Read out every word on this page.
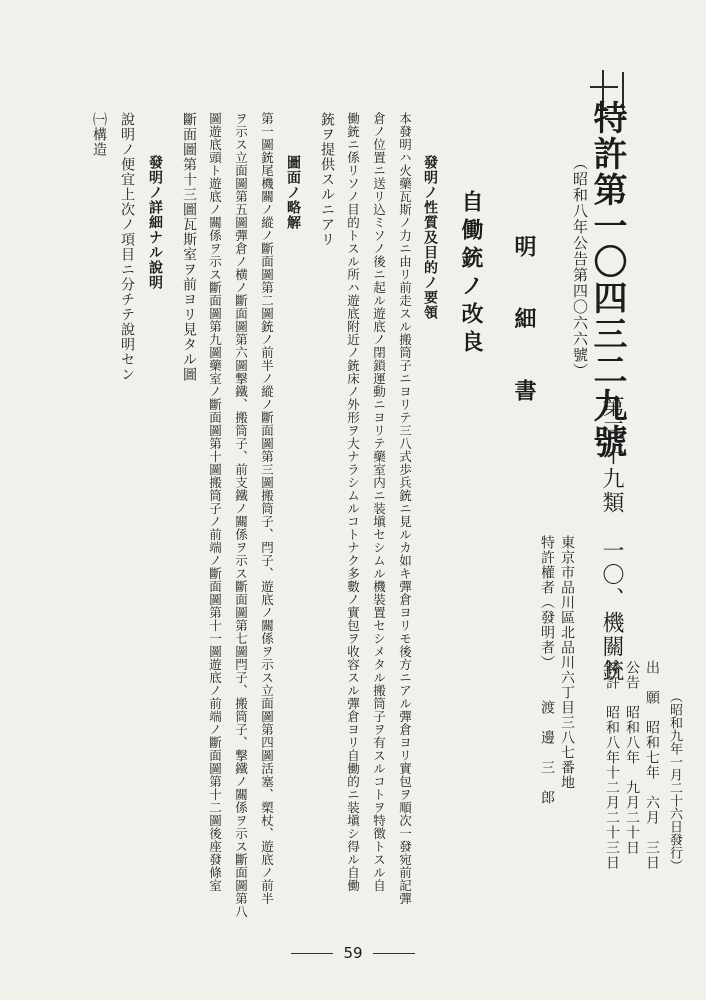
（昭和九年一月二十六日發行）
出　願　昭和七年　六月　三日
公告　昭和八年　九月二十日
特許　昭和八年十二月二十三日
東京市品川區北品川六丁目三八七番地
特許權者（發明者）
渡　邊　三　郎
第三十九類　一〇、機關銃
特許第一〇四三二九號
（昭和八年公告第四〇六六號）
明　細　書
自働銃ノ改良
發明ノ性質及目的ノ要領
本發明ハ火藥瓦斯ノ力ニ由リ前走スル搬筒子ニヨリテ三八式歩兵銃ニ見ルカ如キ彈倉ヨリモ後方ニアル彈倉ヨリ實包ヲ順次一發宛前記彈
倉ノ位置ニ送リ込ミソノ後ニ起ル遊底ノ閉鎖運動ニヨリテ藥室内ニ装塡セシムル機裝置セシメタル搬筒子ヲ有スルコトヲ特徴トスル自
働銃ニ係リソノ目的トスル所ハ遊底附近ノ銃床ノ外形ヲ大ナラシムルコトナク多數ノ實包ヲ收容スル彈倉ヨリ自働的ニ装塡シ得ル自働
銃ヲ提供スルニアリ
圖面ノ略解
第一圖銃尾機關ノ縱ノ斷面圖第二圖銃ノ前半ノ縱ノ斷面圖第三圖搬筒子、閂子、遊底ノ關係ヲ示ス立面圖第四圖活塞、槊杖、遊底ノ前半
ヲ示ス立面圖第五圖彈倉ノ横ノ斷面圖第六圖撃鐵、搬筒子、前支鐵ノ關係ヲ示ス斷面圖第七圖閂子、搬筒子、撃鐵ノ關係ヲ示ス斷面圖第八
圖遊底頭ト遊底ノ關係ヲ示ス斷面圖第九圖藥室ノ斷面圖第十圖搬筒子ノ前端ノ斷面圖第十一圖遊底ノ前端ノ斷面圖第十二圖後座發條室
斷面圖第十三圖瓦斯室ヲ前ヨリ見タル圖
發明ノ詳細ナル說明
說明ノ便宜上次ノ項目ニ分チテ說明セン
㈠構造
59
